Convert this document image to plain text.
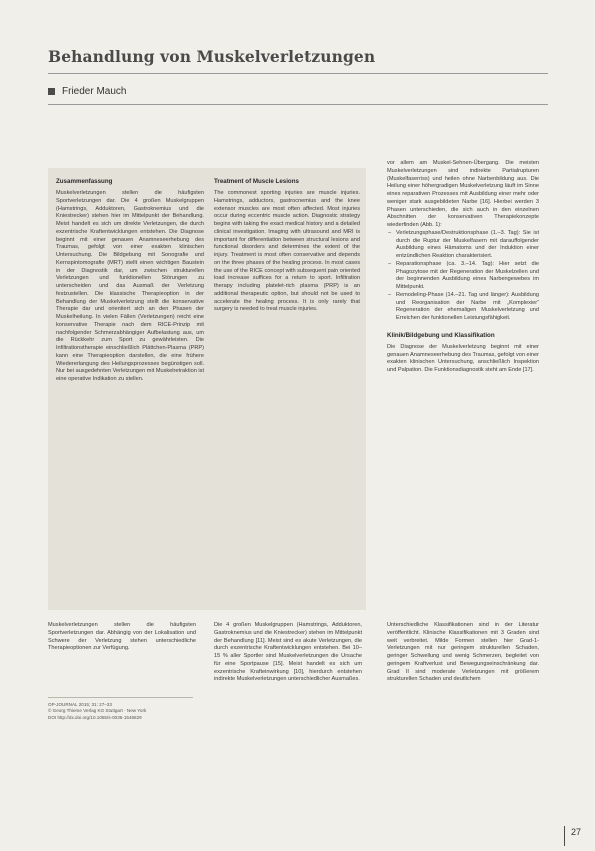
Behandlung von Muskelverletzungen
Frieder Mauch
Zusammenfassung

Muskelverletzungen stellen die häufigsten Sportverletzungen dar. Die 4 großen Muskelgruppen (Hamstrings, Adduktoren, Gastroknemius und die Kniestrecker) stehen hier im Mittelpunkt der Behandlung. Meist handelt es sich um direkte Verletzungen, die durch exzentrische Kraftentwicklungen entstehen. Die Diagnose beginnt mit einer genauen Anamneseerhebung des Traumas, gefolgt von einer exakten klinischen Untersuchung. Die Bildgebung mit Sonografie und Kernspintomografie (MRT) stellt einen wichtigen Baustein in der Diagnostik dar, um zwischen strukturellen Verletzungen und funktionellen Störungen zu unterscheiden und das Ausmaß der Verletzung festzustellen. Die klassische Therapieoption in der Behandlung der Muskelverletzung stellt die konservative Therapie dar und orientiert sich an den Phasen der Muskelheilung. In vielen Fällen (Verletzungen) reicht eine konservative Therapie nach dem RICE-Prinzip mit nachfolgender Schmerzabhängiger Aufbelastung aus, um die Rückkehr zum Sport zu gewährleisten. Die Infiltrationstherapie einschließlich Plättchen-Plasma (PRP) kann eine Therapieoption darstellen, die eine frühere Wiedererlangung des Heilungsprozesses begünstigen soll. Nur bei ausgedehnten Verletzungen mit Muskelretraktion ist eine operative Indikation zu stellen.

Treatment of Muscle Lesions

The commonest sporting injuries are muscle injuries. Hamstrings, adductors, gastrocnemius and the knee extensor muscles are most often affected. Most injuries occur during eccentric muscle action. Diagnostic strategy begins with taking the exact medical history and a detailed clinical investigation. Imaging with ultrasound and MRI is important for differentiation between structural lesions and functional disorders and determines the extent of the injury. Treatment is most often conservative and depends on the three phases of the healing process. In most cases the use of the RICE concept with subsequent pain oriented load increase suffices for a return to sport. Infiltration therapy including platelet-rich plasma (PRP) is an additional therapeutic option, but should not be used to accelerate the healing process. It is only rarely that surgery is needed to treat muscle injuries.

Muskelverletzungen stellen die häufigsten Sportverletzungen dar. Abhängig von der Lokalisation und Schwere der Verletzung stehen unterschiedliche Therapieoptionen zur Verfügung.

OP-JOURNAL 2015; 31: 27–33
© Georg Thieme Verlag KG Stuttgart · New York
DOI http://dx.doi.org/10.1055/s-0035-1546829

Die 4 großen Muskelgruppen (Hamstrings, Adduktoren, Gastroknemius und die Kniestrecker) stehen im Mittelpunkt der Behandlung [11]. Meist sind es akute Verletzungen, die durch exzentrische Kraftentwicklungen entstehen. Bei 10–15 % aller Sportler sind Muskelverletzungen die Ursache für eine Sportpause [15]. Meist handelt es sich um exzentrische Krafteinwirkung [10], hierdurch entstehen indirekte Muskelverletzungen unterschiedlicher Ausmaßes.

vor allem am Muskel-Sehnen-Übergang. Die meisten Muskelverletzungen sind indirekte Partialrupturen (Muskelfaserriss) und heilen ohne Narbenbildung aus. Die Heilung einer höhergradigen Muskelverletzung läuft im Sinne eines reparativen Prozesses mit Ausbildung einer mehr oder weniger stark ausgebildeten Narbe [16]. Hierbei werden 3 Phasen unterschieden, die sich auch in den einzelnen Abschnitten der konservativen Therapiekonzepte wiederfinden (Abb. 1):

– Verletzungsphase/Destruktionsphase (1.–3. Tag): Sie ist durch die Ruptur der Muskelfasern mit darauffolgender Ausbildung eines Hämatoms und der Induktion einer entzündlichen Reaktion charakterisiert.
– Reparationsphase (ca. 3.–14. Tag): Hier setzt die Phagozytose mit der Regeneration der Muskelzellen und der beginnenden Ausbildung eines Narbengewebes im Mittelpunkt.
– Remodeling-Phase (14.–21. Tag und länger): Ausbildung und Reorganisation der Narbe mit „Komplexier“ Regeneration der ehemaligen Muskelverletzung und Erreichen der funktionellen Leistungsfähigkeit.
Klinik/Bildgebung und Klassifikation

Die Diagnose der Muskelverletzung beginnt mit einer genauen Anamneseerhebung des Traumas, gefolgt von einer exakten klinischen Untersuchung, anschließlich Inspektion und Palpation. Die Funktionsdiagnostik steht am Ende [17].

Unterschiedliche Klassifikationen sind in der Literatur veröffentlicht. Klinische Klassifikationen mit 3 Graden sind weit verbreitet. Milde Formen stellen hier Grad-1-Verletzungen mit nur geringem strukturellen Schaden, geringer Schwellung und wenig Schmerzen, begleitet von geringem Kraftverlust und Bewegungseinschränkung dar. Grad II sind moderate Verletzungen mit größerem strukturellen Schaden und deutlichem

27
